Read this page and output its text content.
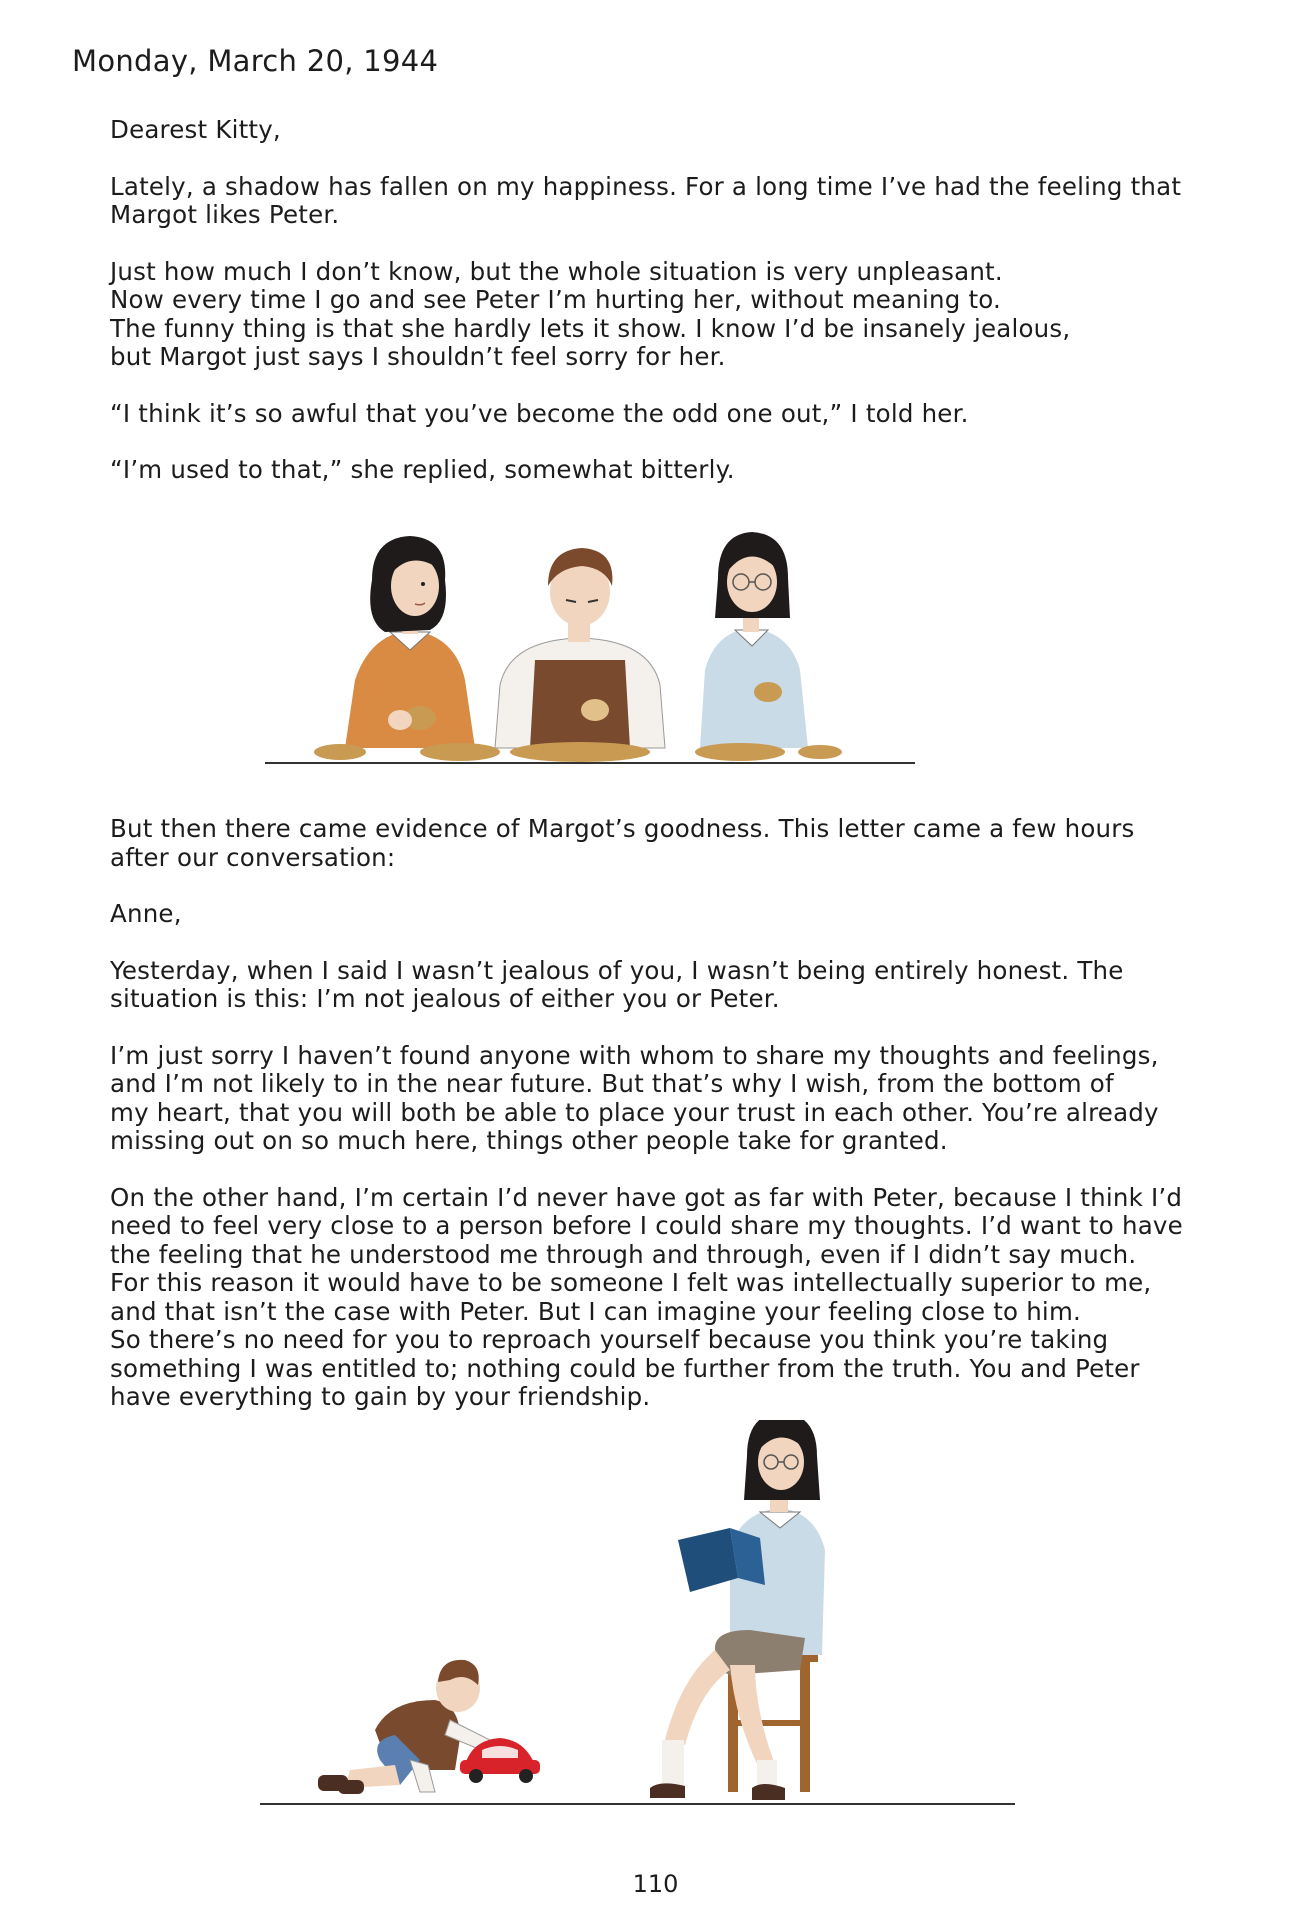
Monday, March 20, 1944

Dearest Kitty,

Lately, a shadow has fallen on my happiness. For a long time I’ve had the feeling that
Margot likes Peter.

Just how much I don’t know, but the whole situation is very unpleasant.
Now every time I go and see Peter I’m hurting her, without meaning to.
The funny thing is that she hardly lets it show. I know I’d be insanely jealous,
but Margot just says I shouldn’t feel sorry for her.

“I think it’s so awful that you’ve become the odd one out,” I told her.

“I’m used to that,” she replied, somewhat bitterly.

But then there came evidence of Margot’s goodness. This letter came a few hours
after our conversation:

Anne,

Yesterday, when I said I wasn’t jealous of you, I wasn’t being entirely honest. The
situation is this: I’m not jealous of either you or Peter.

I’m just sorry I haven’t found anyone with whom to share my thoughts and feelings,
and I’m not likely to in the near future. But that’s why I wish, from the bottom of
my heart, that you will both be able to place your trust in each other. You’re already
missing out on so much here, things other people take for granted.

On the other hand, I’m certain I’d never have got as far with Peter, because I think I’d
need to feel very close to a person before I could share my thoughts. I’d want to have
the feeling that he understood me through and through, even if I didn’t say much.
For this reason it would have to be someone I felt was intellectually superior to me,
and that isn’t the case with Peter. But I can imagine your feeling close to him.
So there’s no need for you to reproach yourself because you think you’re taking
something I was entitled to; nothing could be further from the truth. You and Peter
have everything to gain by your friendship.

110
